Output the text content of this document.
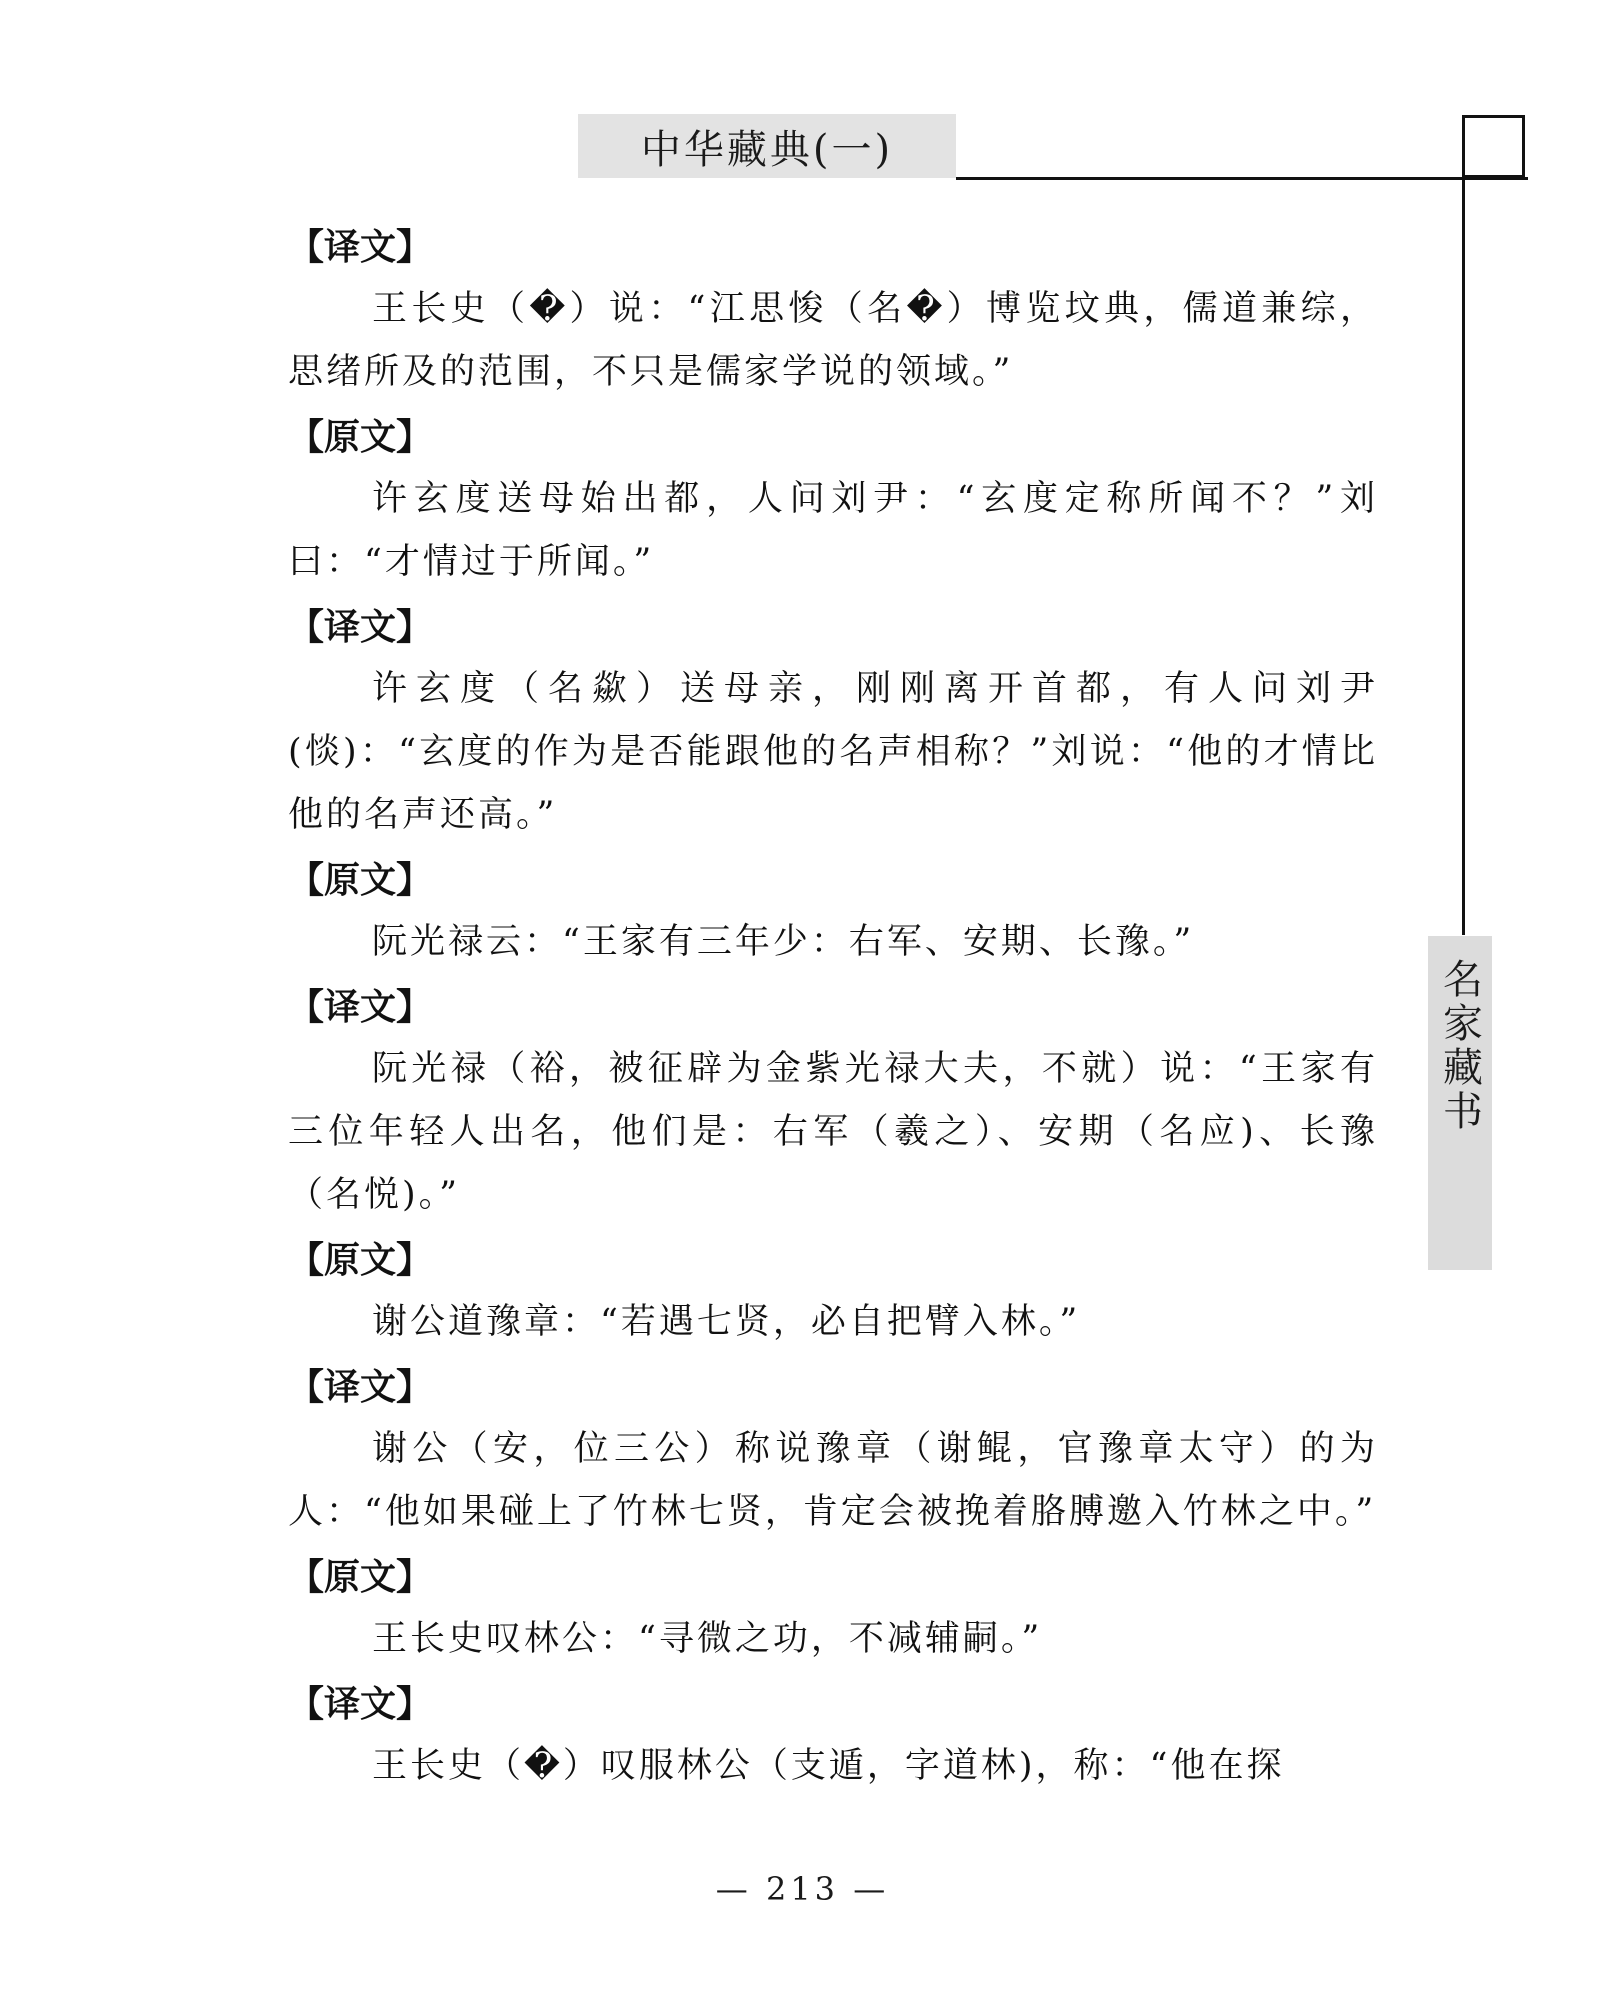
中华藏典(一)
名家藏书
【译文】

王长史（�）说：“江思悛（名�）博览坟典，儒道兼综，思绪所及的范围，不只是儒家学说的领域。”

【原文】

许玄度送母始出都，人问刘尹：“玄度定称所闻不？”刘曰：“才情过于所闻。”

【译文】

许玄度（名歘）送母亲，刚刚离开首都，有人问刘尹(惔)：“玄度的作为是否能跟他的名声相称？”刘说：“他的才情比他的名声还高。”

【原文】

阮光禄云：“王家有三年少：右军、安期、长豫。”

【译文】

阮光禄（裕，被征辟为金紫光禄大夫，不就）说：“王家有三位年轻人出名，他们是：右军（羲之）、安期（名应)、长豫（名悦)。”

【原文】

谢公道豫章：“若遇七贤，必自把臂入林。”

【译文】

谢公（安，位三公）称说豫章（谢鲲，官豫章太守）的为人：“他如果碰上了竹林七贤，肯定会被挽着胳膊邀入竹林之中。”

【原文】

王长史叹林公：“寻微之功，不减辅嗣。”

【译文】

王长史（�）叹服林公（支遁，字道林)，称：“他在探

— 213 —
